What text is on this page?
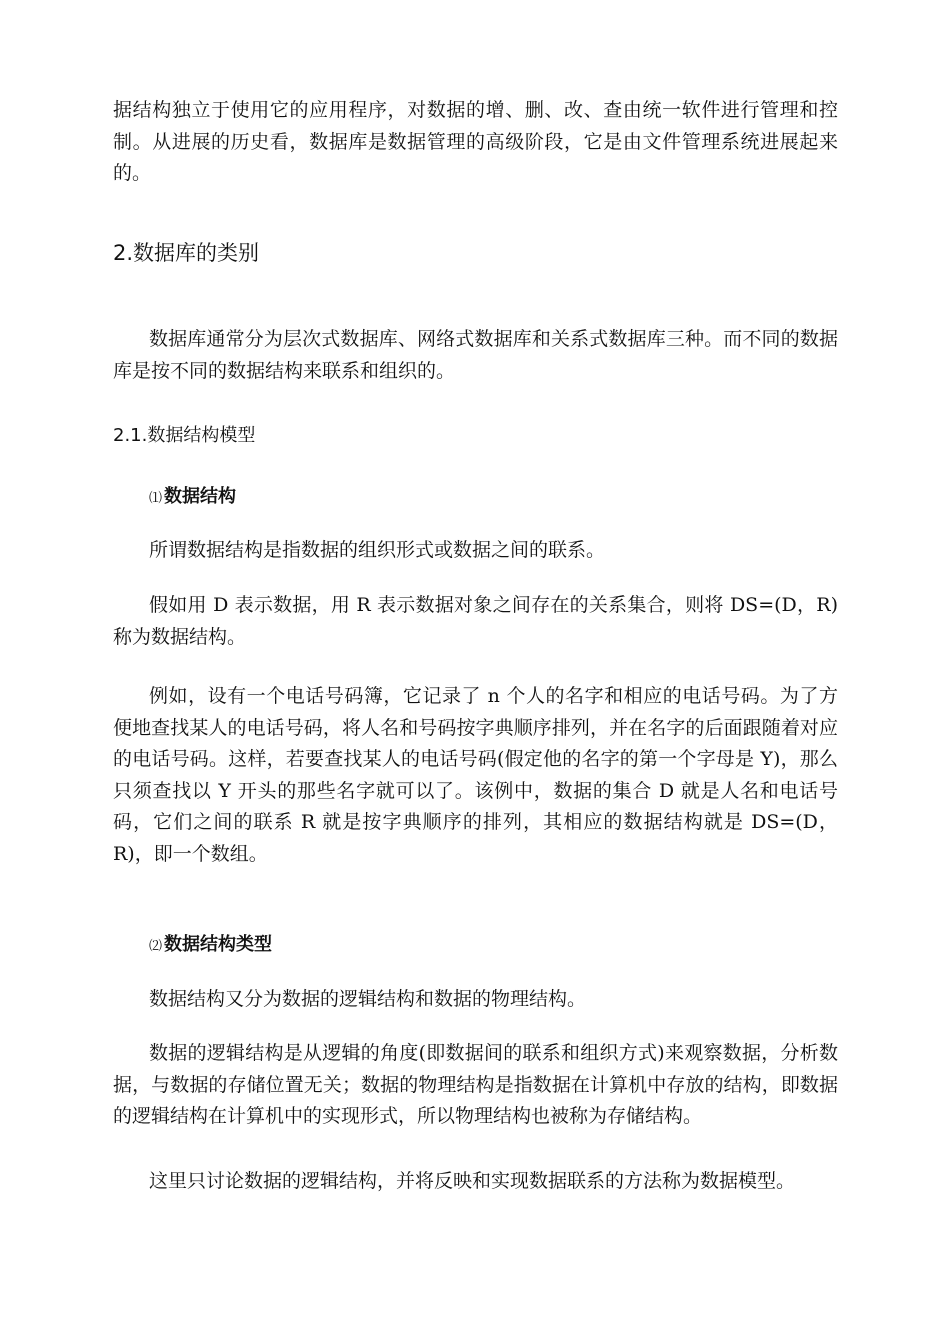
据结构独立于使用它的应用程序，对数据的增、删、改、查由统一软件进行管理和控制。从进展的历史看，数据库是数据管理的高级阶段，它是由文件管理系统进展起来的。

2.数据库的类别

数据库通常分为层次式数据库、网络式数据库和关系式数据库三种。而不同的数据库是按不同的数据结构来联系和组织的。

2.1.数据结构模型
⑴ 数据结构

所谓数据结构是指数据的组织形式或数据之间的联系。

假如用 D 表示数据，用 R 表示数据对象之间存在的关系集合，则将 DS=(D，R)称为数据结构。

例如，设有一个电话号码簿，它记录了 n 个人的名字和相应的电话号码。为了方便地查找某人的电话号码，将人名和号码按字典顺序排列，并在名字的后面跟随着对应的电话号码。这样，若要查找某人的电话号码(假定他的名字的第一个字母是 Y)，那么只须查找以 Y 开头的那些名字就可以了。该例中，数据的集合 D 就是人名和电话号码，它们之间的联系 R 就是按字典顺序的排列，其相应的数据结构就是 DS=(D，R)，即一个数组。

⑵ 数据结构类型

数据结构又分为数据的逻辑结构和数据的物理结构。

数据的逻辑结构是从逻辑的角度(即数据间的联系和组织方式)来观察数据，分析数据，与数据的存储位置无关；数据的物理结构是指数据在计算机中存放的结构，即数据的逻辑结构在计算机中的实现形式，所以物理结构也被称为存储结构。

这里只讨论数据的逻辑结构，并将反映和实现数据联系的方法称为数据模型。
